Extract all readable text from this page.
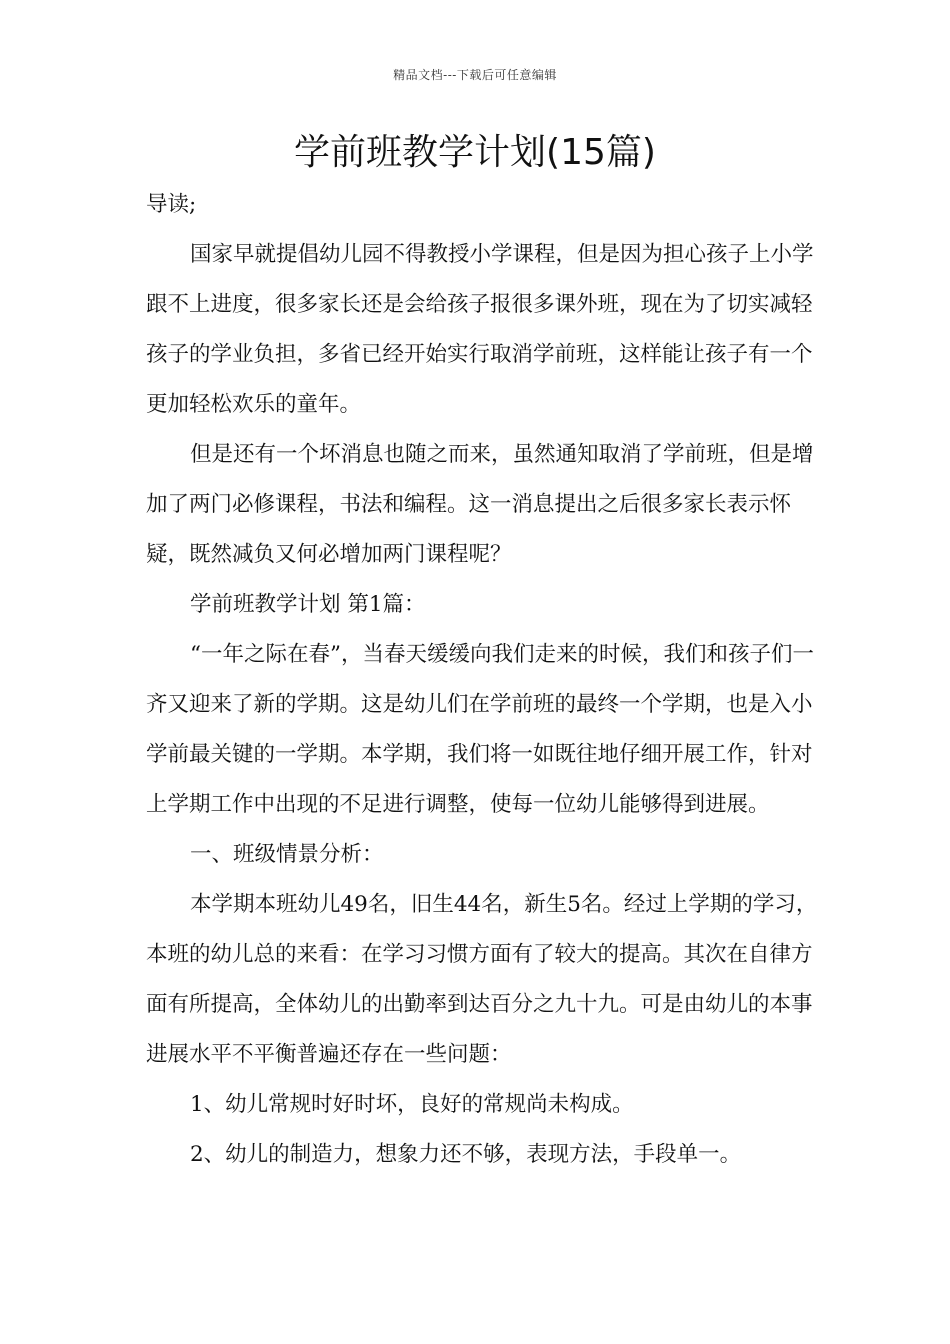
精品文档---下载后可任意编辑
学前班教学计划(15篇)

导读;

国家早就提倡幼儿园不得教授小学课程，但是因为担心孩子上小学跟不上进度，很多家长还是会给孩子报很多课外班，现在为了切实减轻孩子的学业负担，多省已经开始实行取消学前班，这样能让孩子有一个更加轻松欢乐的童年。

但是还有一个坏消息也随之而来，虽然通知取消了学前班，但是增加了两门必修课程，书法和编程。这一消息提出之后很多家长表示怀疑，既然减负又何必增加两门课程呢？

学前班教学计划 第1篇：

“一年之际在春”，当春天缓缓向我们走来的时候，我们和孩子们一齐又迎来了新的学期。这是幼儿们在学前班的最终一个学期，也是入小学前最关键的一学期。本学期，我们将一如既往地仔细开展工作，针对上学期工作中出现的不足进行调整，使每一位幼儿能够得到进展。

一、班级情景分析：

本学期本班幼儿49名，旧生44名，新生5名。经过上学期的学习，本班的幼儿总的来看：在学习习惯方面有了较大的提高。其次在自律方面有所提高，全体幼儿的出勤率到达百分之九十九。可是由幼儿的本事进展水平不平衡普遍还存在一些问题：

1、幼儿常规时好时坏，良好的常规尚未构成。

2、幼儿的制造力，想象力还不够，表现方法，手段单一。
